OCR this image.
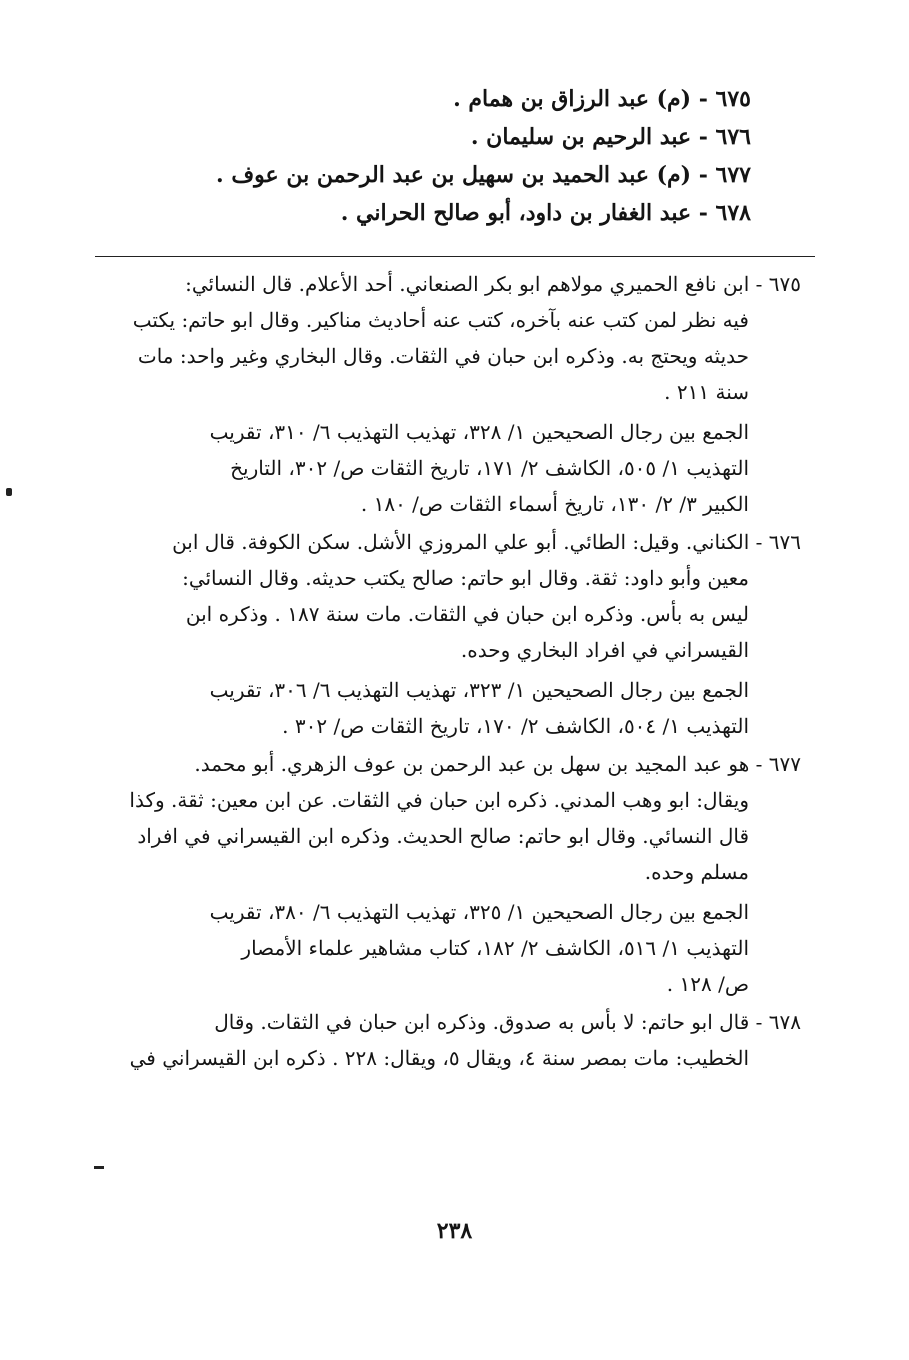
٦٧٥ - (م) عبد الرزاق بن همام .
٦٧٦ - عبد الرحيم بن سليمان .
٦٧٧ - (م) عبد الحميد بن سهيل بن عبد الرحمن بن عوف .
٦٧٨ - عبد الغفار بن داود، أبو صالح الحراني .
٦٧٥ - ابن نافع الحميري مولاهم ابو بكر الصنعاني. أحد الأعلام. قال النسائي:
فيه نظر لمن كتب عنه بآخره، كتب عنه أحاديث مناكير. وقال ابو حاتم: يكتب
حديثه ويحتج به. وذكره ابن حبان في الثقات. وقال البخاري وغير واحد: مات
سنة ٢١١ .
الجمع بين رجال الصحيحين ١/ ٣٢٨، تهذيب التهذيب ٦/ ٣١٠، تقريب
التهذيب ١/ ٥٠٥، الكاشف ٢/ ١٧١، تاريخ الثقات ص/ ٣٠٢، التاريخ
الكبير ٣/ ٢/ ١٣٠، تاريخ أسماء الثقات ص/ ١٨٠ .
٦٧٦ - الكناني. وقيل: الطائي. أبو علي المروزي الأشل. سكن الكوفة. قال ابن
معين وأبو داود: ثقة. وقال ابو حاتم: صالح يكتب حديثه. وقال النسائي:
ليس به بأس. وذكره ابن حبان في الثقات. مات سنة ١٨٧ . وذكره ابن
القيسراني في افراد البخاري وحده.
الجمع بين رجال الصحيحين ١/ ٣٢٣، تهذيب التهذيب ٦/ ٣٠٦، تقريب
التهذيب ١/ ٥٠٤، الكاشف ٢/ ١٧٠، تاريخ الثقات ص/ ٣٠٢ .
٦٧٧ - هو عبد المجيد بن سهل بن عبد الرحمن بن عوف الزهري. أبو محمد.
ويقال: ابو وهب المدني. ذكره ابن حبان في الثقات. عن ابن معين: ثقة. وكذا
قال النسائي. وقال ابو حاتم: صالح الحديث. وذكره ابن القيسراني في افراد
مسلم وحده.
الجمع بين رجال الصحيحين ١/ ٣٢٥، تهذيب التهذيب ٦/ ٣٨٠، تقريب
التهذيب ١/ ٥١٦، الكاشف ٢/ ١٨٢، كتاب مشاهير علماء الأمصار
ص/ ١٢٨ .
٦٧٨ - قال ابو حاتم: لا بأس به صدوق. وذكره ابن حبان في الثقات. وقال
الخطيب: مات بمصر سنة ٤، ويقال ٥، ويقال: ٢٢٨ . ذكره ابن القيسراني في
٢٣٨
